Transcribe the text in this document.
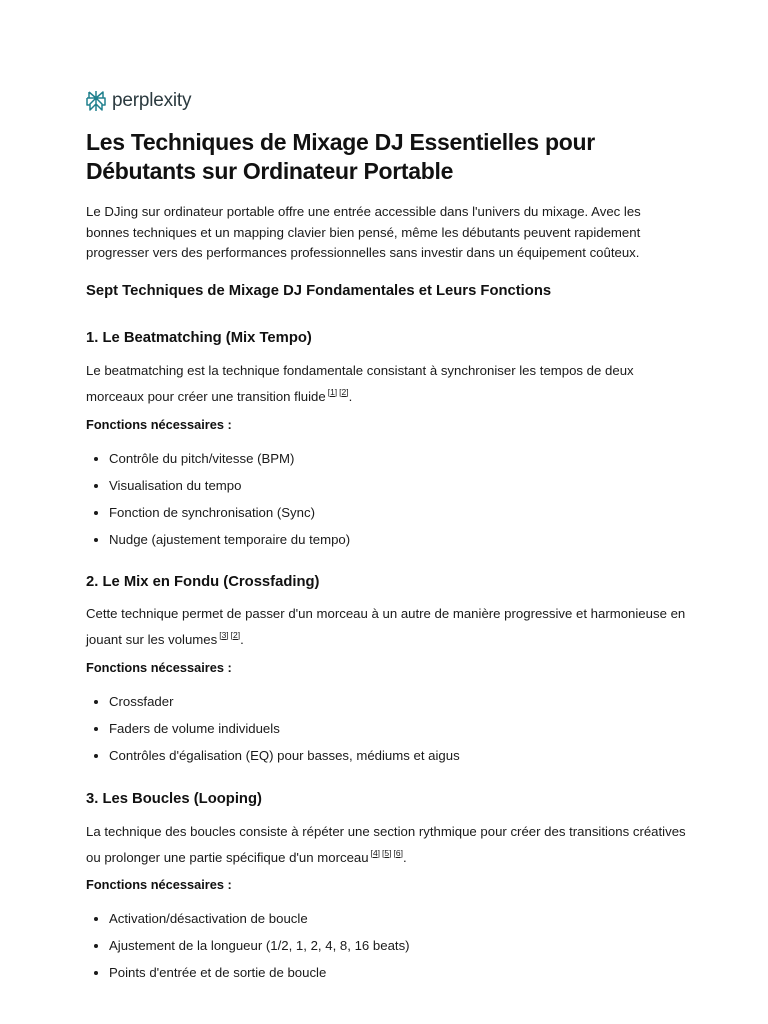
perplexity
Les Techniques de Mixage DJ Essentielles pour Débutants sur Ordinateur Portable

Le DJing sur ordinateur portable offre une entrée accessible dans l'univers du mixage. Avec les bonnes techniques et un mapping clavier bien pensé, même les débutants peuvent rapidement progresser vers des performances professionnelles sans investir dans un équipement coûteux.

Sept Techniques de Mixage DJ Fondamentales et Leurs Fonctions
1. Le Beatmatching (Mix Tempo)

Le beatmatching est la technique fondamentale consistant à synchroniser les tempos de deux morceaux pour créer une transition fluide [1] [2].

Fonctions nécessaires :
Contrôle du pitch/vitesse (BPM)
Visualisation du tempo
Fonction de synchronisation (Sync)
Nudge (ajustement temporaire du tempo)
2. Le Mix en Fondu (Crossfading)

Cette technique permet de passer d'un morceau à un autre de manière progressive et harmonieuse en jouant sur les volumes [3] [2].

Fonctions nécessaires :
Crossfader
Faders de volume individuels
Contrôles d'égalisation (EQ) pour basses, médiums et aigus
3. Les Boucles (Looping)

La technique des boucles consiste à répéter une section rythmique pour créer des transitions créatives ou prolonger une partie spécifique d'un morceau [4] [5] [6].

Fonctions nécessaires :
Activation/désactivation de boucle
Ajustement de la longueur (1/2, 1, 2, 4, 8, 16 beats)
Points d'entrée et de sortie de boucle
